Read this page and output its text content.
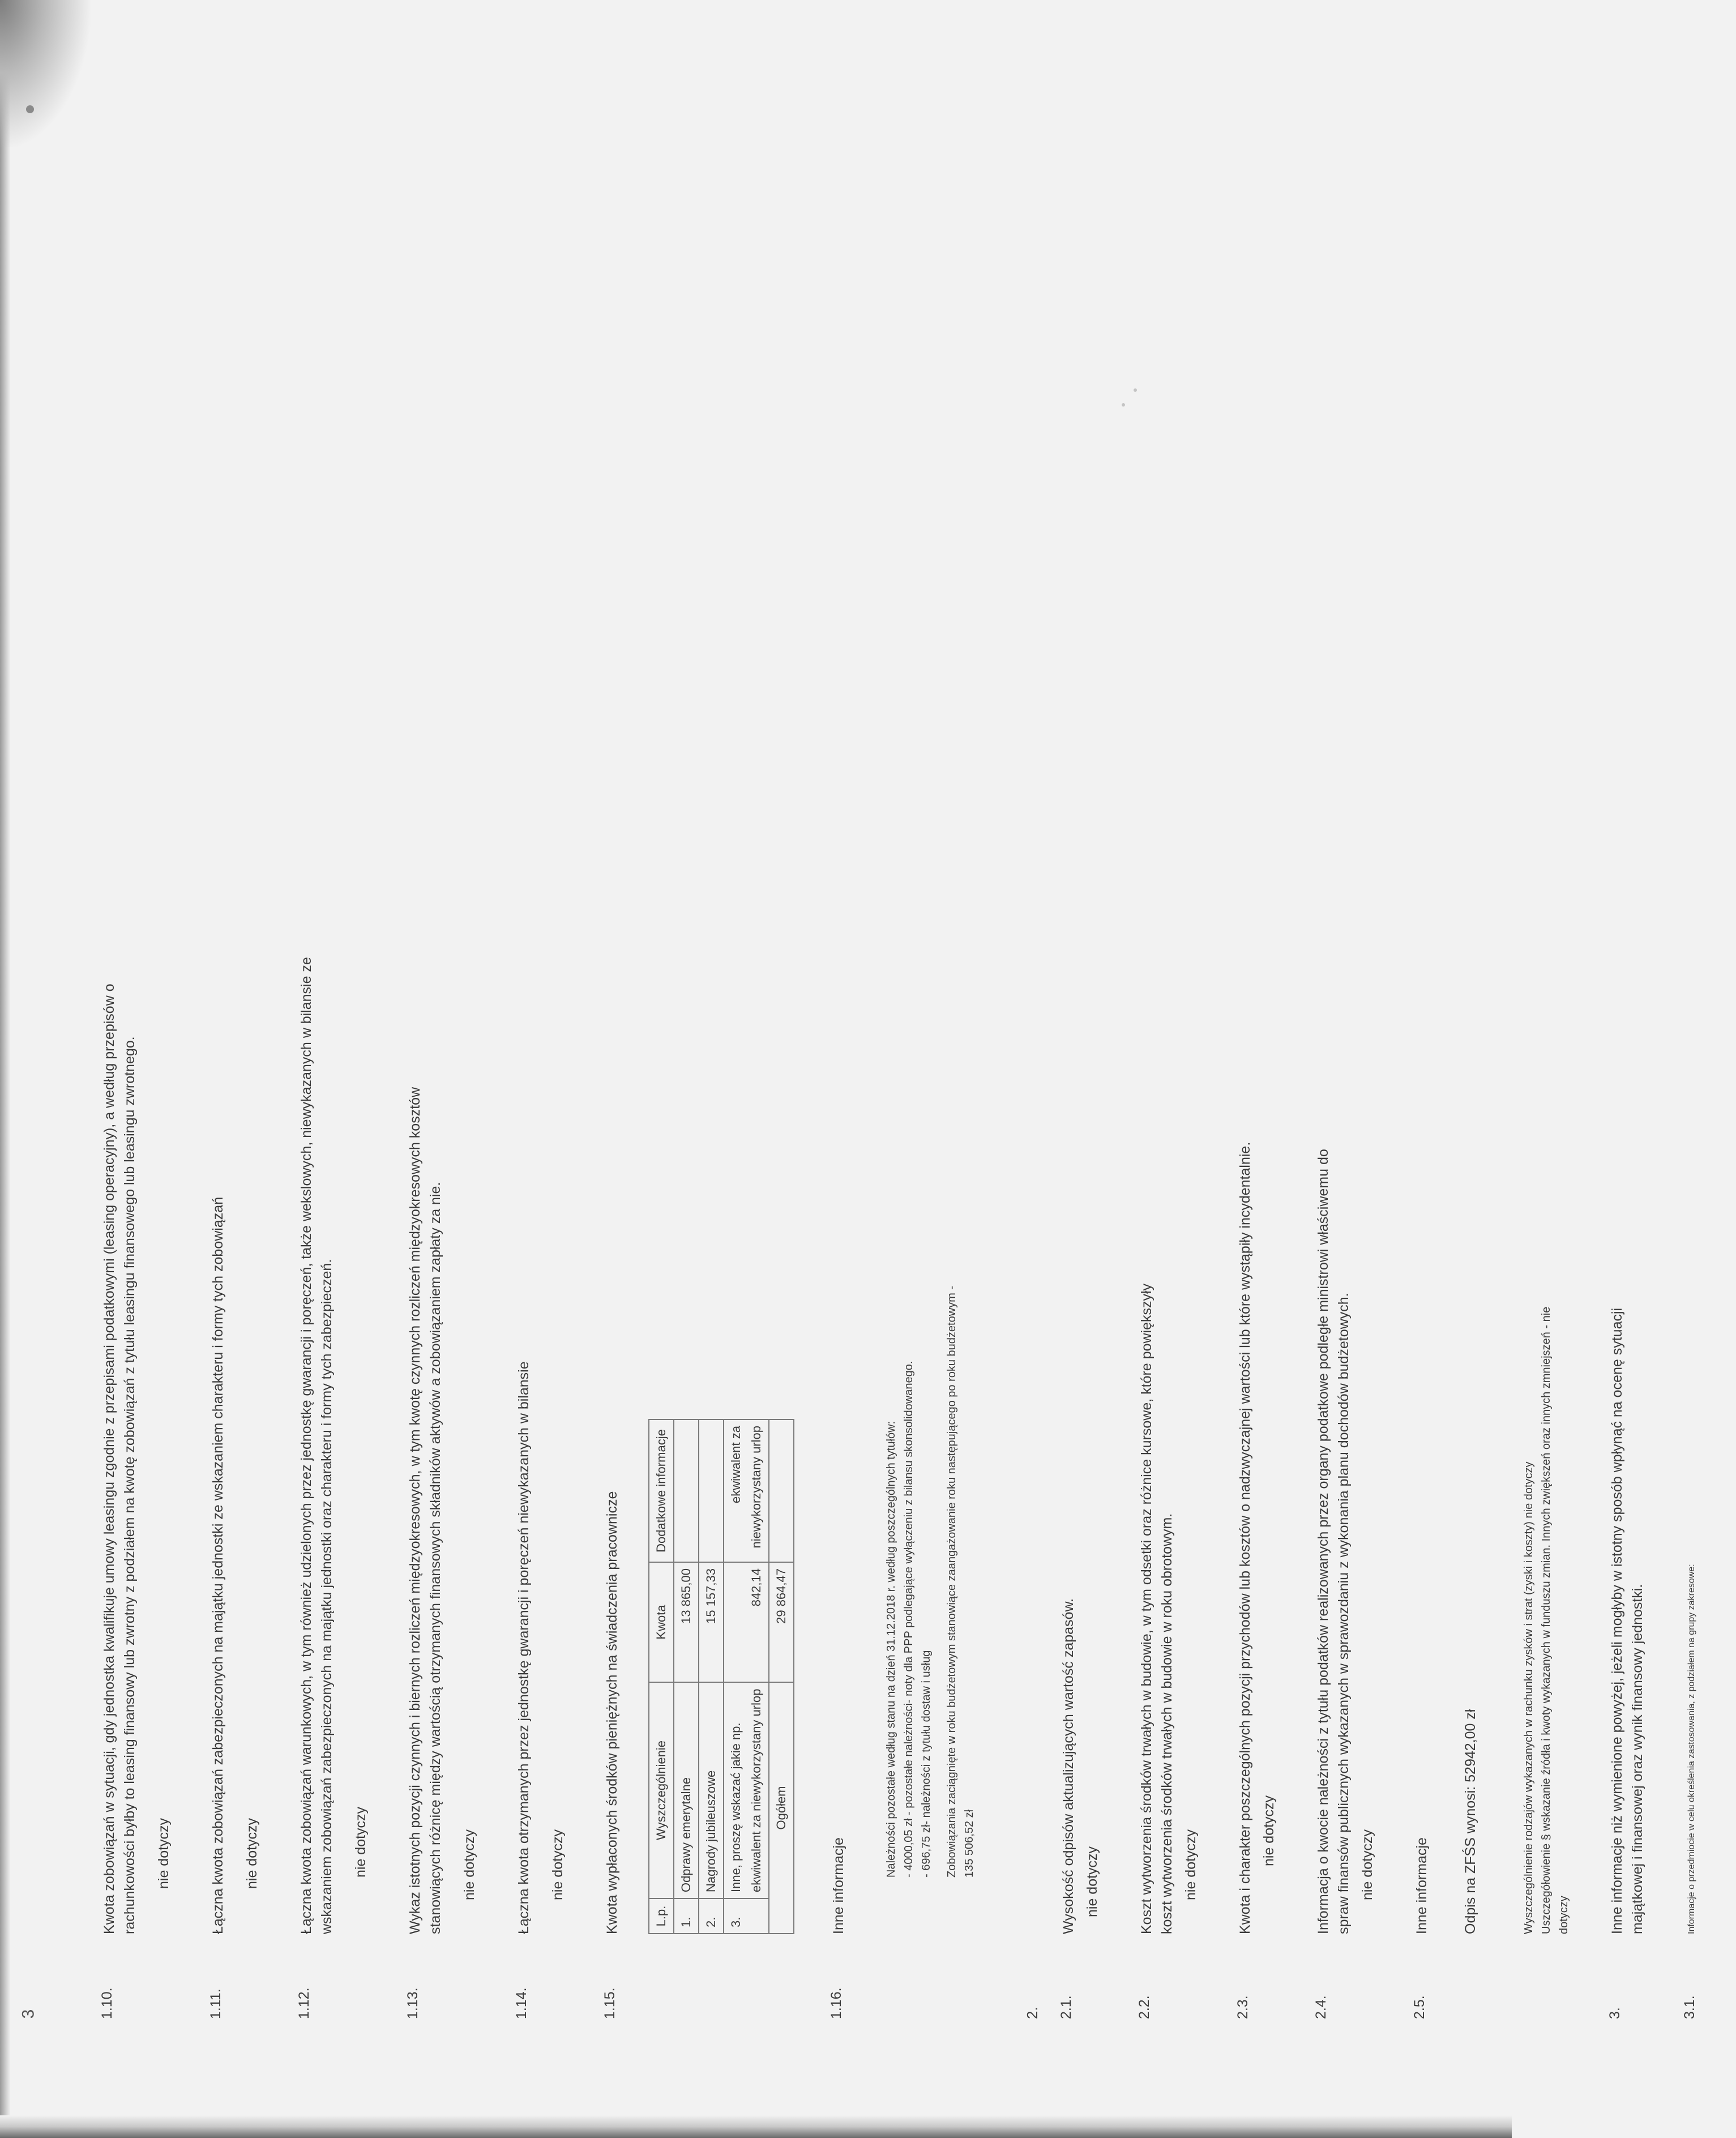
3	1.10.

Kwota zobowiązań w sytuacji, gdy jednostka kwalifikuje umowy leasingu zgodnie z przepisami podatkowymi (leasing operacyjny), a według przepisów o rachunkowości byłby to leasing finansowy lub zwrotny z podziałem na kwotę zobowiązań z tytułu leasingu finansowego lub leasingu zwrotnego. nie dotyczy
1.11.

Łączna kwota zobowiązań zabezpieczonych na majątku jednostki ze wskazaniem charakteru i formy tych zobowiązań nie dotyczy
1.12.

Łączna kwota zobowiązań warunkowych, w tym również udzielonych przez jednostkę gwarancji i poręczeń, także wekslowych, niewykazanych w bilansie ze wskazaniem zobowiązań zabezpieczonych na majątku jednostki oraz charakteru i formy tych zabezpieczeń. nie dotyczy
1.13.

Wykaz istotnych pozycji czynnych i biernych rozliczeń międzyokresowych, w tym kwotę czynnych rozliczeń międzyokresowych kosztów stanowiących różnicę między wartością otrzymanych finansowych składników aktywów a zobowiązaniem zapłaty za nie. nie dotyczy
1.14.

Łączna kwota otrzymanych przez jednostkę gwarancji i poręczeń niewykazanych w bilansie nie dotyczy
1.15.

Kwota wypłaconych środków pieniężnych na świadczenia pracownicze	L.p.	Wyszczególnienie	Kwota	Dodatkowe informacje
1.	Odprawy emerytalne	13 865,00	
2.	Nagrody jubileuszowe	15 157,33	
3.	Inne, proszę wskazać jakie np. ekwiwalent za niewykorzystany urlop	842,14	ekwiwalent za niewykorzystany urlop
Ogółem		29 864,47	
1.16.

Inne informacje

Należności pozostałe według stanu na dzień 31.12.2018 r. według poszczególnych tytułów: - 4000,05 zł - pozostałe należności- noty dla PPP podlegające wyłączeniu z bilansu skonsolidowanego. - 696,75 zł- należności z tytułu dostaw i usług Zobowiązania zaciągnięte w roku budżetowym stanowiące zaangażowanie roku następującego po roku budżetowym - 135 506,52 zł

2. 2.1.

Wysokość odpisów aktualizujących wartość zapasów. nie dotyczy
2.2.

Koszt wytworzenia środków trwałych w budowie, w tym odsetki oraz różnice kursowe, które powiększyły koszt wytworzenia środków trwałych w budowie w roku obrotowym. nie dotyczy
2.3.

Kwota i charakter poszczególnych pozycji przychodów lub kosztów o nadzwyczajnej wartości lub które wystąpiły incydentalnie. nie dotyczy
2.4.

Informacja o kwocie należności z tytułu podatków realizowanych przez organy podatkowe podległe ministrowi właściwemu do spraw finansów publicznych wykazanych w sprawozdaniu z wykonania planu dochodów budżetowych. nie dotyczy
2.5.

Inne informacje Odpis na ZFŚS wynosi: 52942,00 zł	Wyszczególnienie rodzajów wykazanych w rachunku zysków i strat (zyski i koszty) nie dotyczy Uszczegółowienie § wskazanie źródła i kwoty wykazanych w funduszu zmian. Innych zwiększeń oraz innych zmniejszeń - nie dotyczy

3.

Inne informacje niż wymienione powyżej, jeżeli mogłyby w istotny sposób wpłynąć na ocenę sytuacji majątkowej i finansowej oraz wynik finansowy jednostki.

3.1.

Informacje o przedmiocie w celu określenia zastosowania, z podziałem na grupy zakresowe:
